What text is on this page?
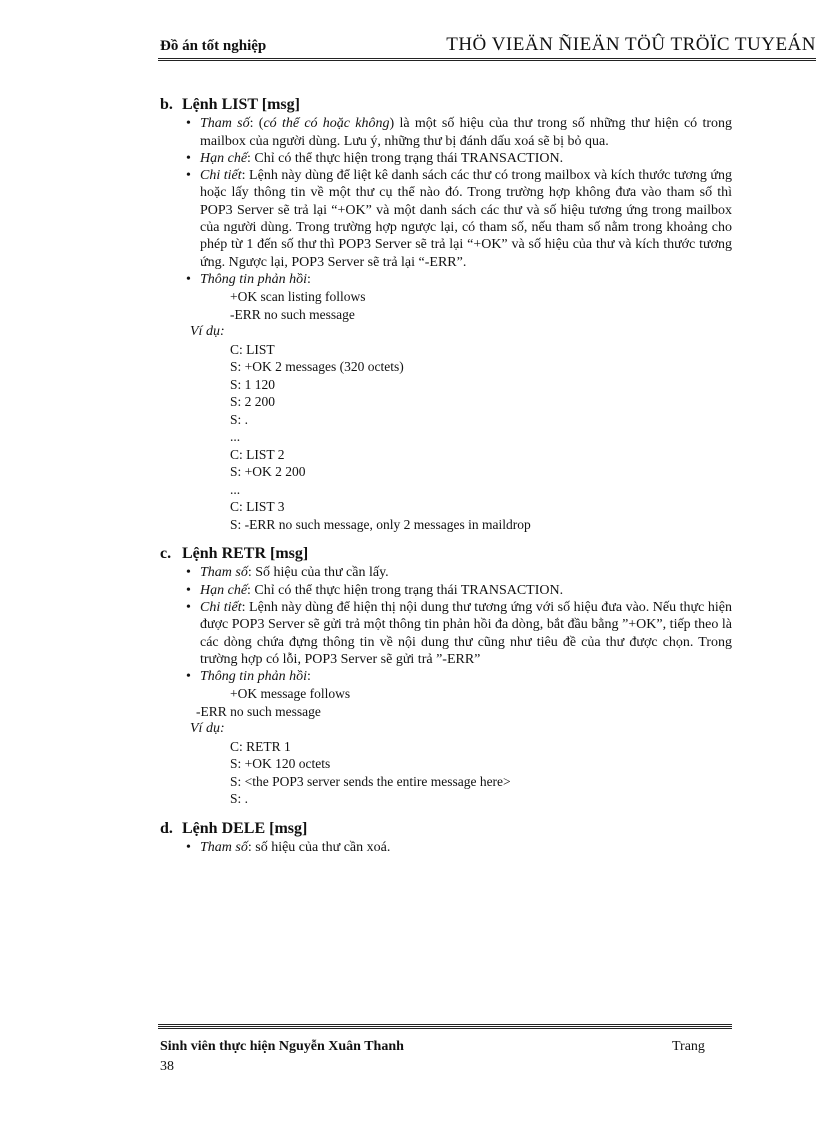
Đồ án tốt nghiệp	THÖ VIEÄN ÑIEÄN TÖÛ TRÖÏC TUYEÁN
b. Lệnh LIST [msg]
• Tham số: (có thể có hoặc không) là một số hiệu của thư trong số những thư hiện có trong mailbox của người dùng. Lưu ý, những thư bị đánh dấu xoá sẽ bị bỏ qua.
• Hạn chế: Chỉ có thể thực hiện trong trạng thái TRANSACTION.
• Chi tiết: Lệnh này dùng để liệt kê danh sách các thư có trong mailbox và kích thước tương ứng hoặc lấy thông tin về một thư cụ thể nào đó. Trong trường hợp không đưa vào tham số thì POP3 Server sẽ trả lại “+OK” và một danh sách các thư và số hiệu tương ứng trong mailbox của người dùng. Trong trường hợp ngược lại, có tham số, nếu tham số nằm trong khoảng cho phép từ 1 đến số thư thì POP3 Server sẽ trả lại “+OK” và số hiệu của thư và kích thước tương ứng. Ngược lại, POP3 Server sẽ trả lại “-ERR”.
• Thông tin phản hồi:
+OK scan listing follows
-ERR no such message
Ví dụ:
C: LIST
S: +OK 2 messages (320 octets)
S: 1 120
S: 2 200
S: .
...
C: LIST 2
S: +OK 2 200
...
C: LIST 3
S: -ERR no such message, only 2 messages in maildrop
c. Lệnh RETR [msg]
• Tham số: Số hiệu của thư cần lấy.
• Hạn chế: Chỉ có thể thực hiện trong trạng thái TRANSACTION.
• Chi tiết: Lệnh này dùng để hiện thị nội dung thư tương ứng với số hiệu đưa vào. Nếu thực hiện được POP3 Server sẽ gửi trả một thông tin phản hồi đa dòng, bắt đầu bằng ”+OK”, tiếp theo là các dòng chứa đựng thông tin về nội dung thư cũng như tiêu đề của thư được chọn. Trong trường hợp có lỗi, POP3 Server sẽ gửi trả ”-ERR”
• Thông tin phản hồi:
+OK message follows
-ERR no such message
Ví dụ:
C: RETR 1
S: +OK 120 octets
S: <the POP3 server sends the entire message here>
S: .
d. Lệnh DELE [msg]
• Tham số: số hiệu của thư cần xoá.
Sinh viên thực hiện Nguyễn Xuân Thanh	Trang
38
